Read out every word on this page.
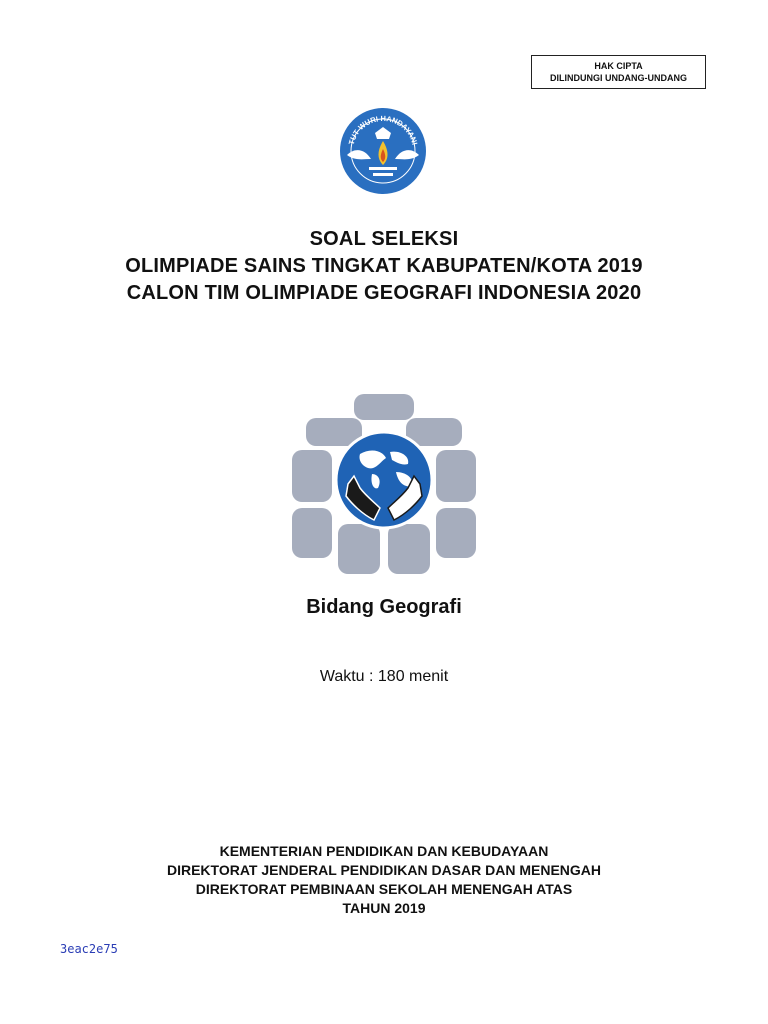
HAK CIPTA
DILINDUNGI UNDANG-UNDANG
TUT WURI HANDAYANI
SOAL SELEKSI
OLIMPIADE SAINS TINGKAT KABUPATEN/KOTA 2019
CALON TIM OLIMPIADE GEOGRAFI INDONESIA 2020
Bidang Geografi
Waktu : 180 menit
KEMENTERIAN PENDIDIKAN DAN KEBUDAYAAN
DIREKTORAT JENDERAL PENDIDIKAN DASAR DAN MENENGAH
DIREKTORAT PEMBINAAN SEKOLAH MENENGAH ATAS
TAHUN 2019
3eac2e75
